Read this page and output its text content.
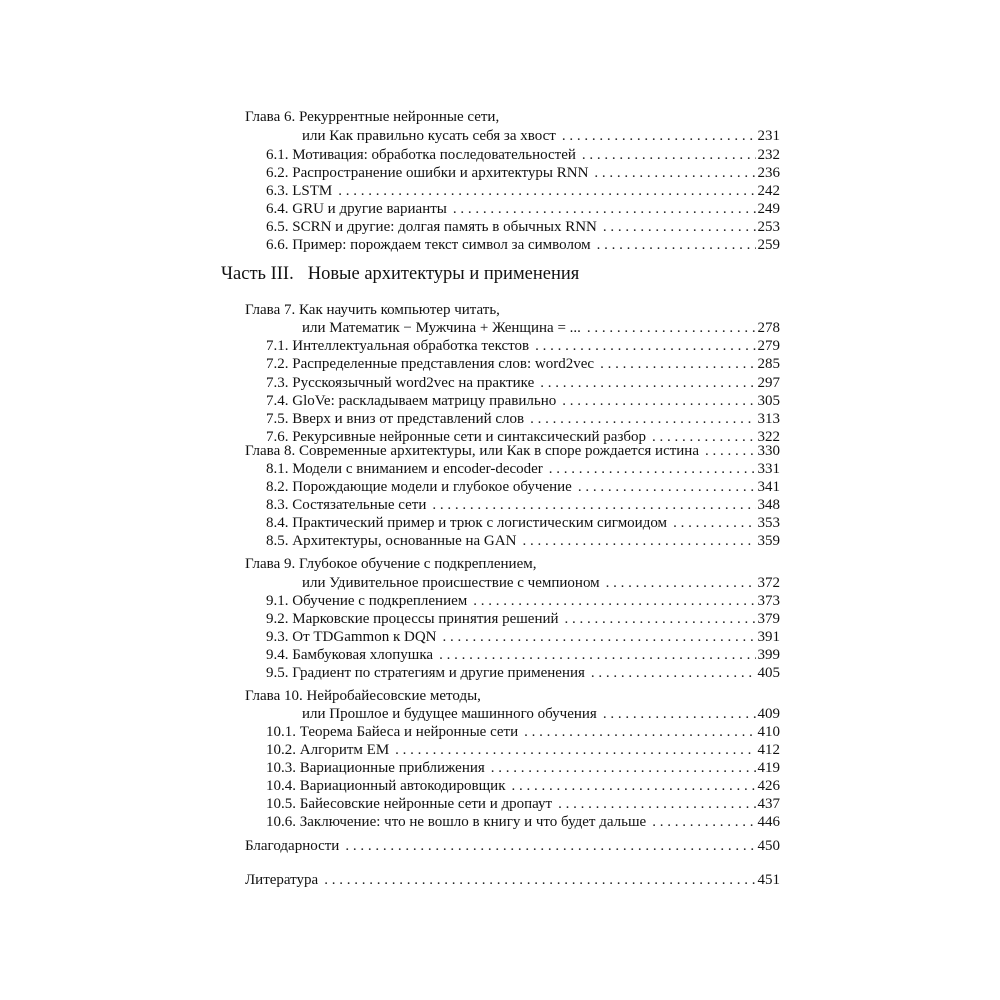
Глава 6. Рекуррентные нейронные сети,
или Как правильно кусать себя за хвост . . .	231
6.1. Мотивация: обработка последовательностей . . .	232
6.2. Распространение ошибки и архитектуры RNN . . .	236
6.3. LSTM . . .	242
6.4. GRU и другие варианты . . .	249
6.5. SCRN и другие: долгая память в обычных RNN . . .	253
6.6. Пример: порождаем текст символ за символом . . .	259
Часть III. Новые архитектуры и применения
Глава 7. Как научить компьютер читать,
или Математик − Мужчина + Женщина = ... . . .	278
7.1. Интеллектуальная обработка текстов . . .	279
7.2. Распределенные представления слов: word2vec . . .	285
7.3. Русскоязычный word2vec на практике . . .	297
7.4. GloVe: раскладываем матрицу правильно . . .	305
7.5. Вверх и вниз от представлений слов . . .	313
7.6. Рекурсивные нейронные сети и синтаксический разбор . . .	322
Глава 8. Современные архитектуры, или Как в споре рождается истина . . .	330
8.1. Модели с вниманием и encoder-decoder . . .	331
8.2. Порождающие модели и глубокое обучение . . .	341
8.3. Состязательные сети . . .	348
8.4. Практический пример и трюк с логистическим сигмоидом . . .	353
8.5. Архитектуры, основанные на GAN . . .	359
Глава 9. Глубокое обучение с подкреплением,
или Удивительное происшествие с чемпионом . . .	372
9.1. Обучение с подкреплением . . .	373
9.2. Марковские процессы принятия решений . . .	379
9.3. От TDGammon к DQN . . .	391
9.4. Бамбуковая хлопушка . . .	399
9.5. Градиент по стратегиям и другие применения . . .	405
Глава 10. Нейробайесовские методы,
или Прошлое и будущее машинного обучения . . .	409
10.1. Теорема Байеса и нейронные сети . . .	410
10.2. Алгоритм EM . . .	412
10.3. Вариационные приближения . . .	419
10.4. Вариационный автокодировщик . . .	426
10.5. Байесовские нейронные сети и дропаут . . .	437
10.6. Заключение: что не вошло в книгу и что будет дальше . . .	446
Благодарности . . .	450
Литература . . .	451
